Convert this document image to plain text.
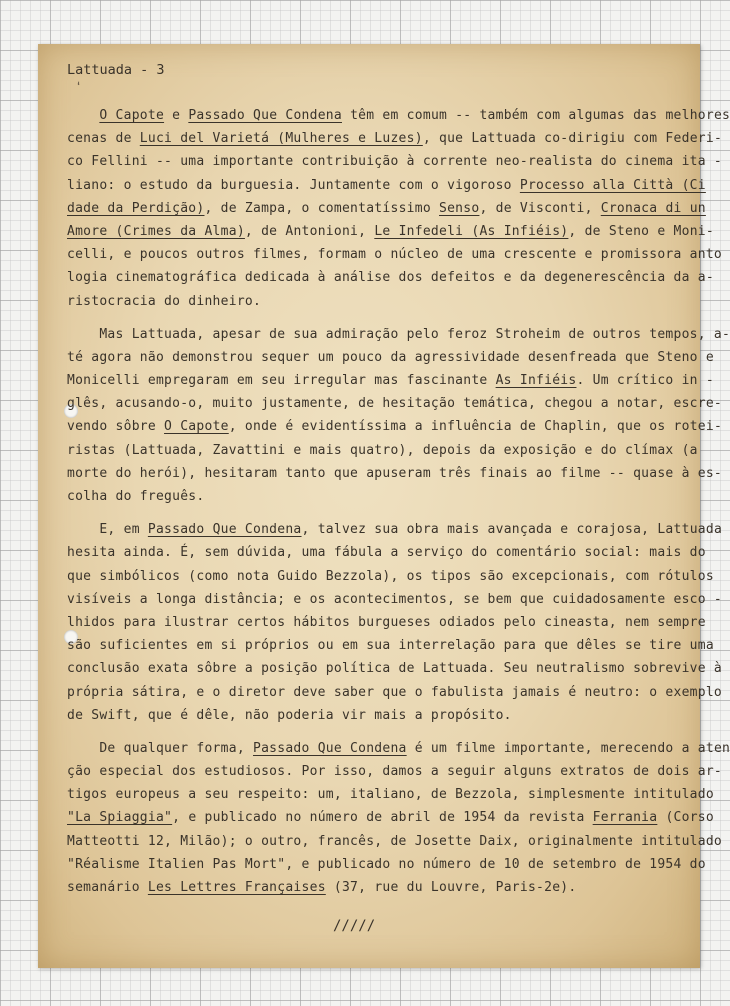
Lattuada - 3
‘
O Capote e Passado Que Condena têm em comum -- também com algumas das melhores
cenas de Luci del Varietá (Mulheres e Luzes), que Lattuada co-dirigiu com Federi-
co Fellini -- uma importante contribuição à corrente neo-realista do cinema ita -
liano: o estudo da burguesia. Juntamente com o vigoroso Processo alla Città (Ci
dade da Perdição), de Zampa, o comentatíssimo Senso, de Visconti, Cronaca di un
Amore (Crimes da Alma), de Antonioni, Le Infedeli (As Infiéis), de Steno e Moni-
celli, e poucos outros filmes, formam o núcleo de uma crescente e promissora anto
logia cinematográfica dedicada à análise dos defeitos e da degenerescência da a-
ristocracia do dinheiro.
Mas Lattuada, apesar de sua admiração pelo feroz Stroheim de outros tempos, a-
té agora não demonstrou sequer um pouco da agressividade desenfreada que Steno e
Monicelli empregaram em seu irregular mas fascinante As Infiéis. Um crítico in -
glês, acusando-o, muito justamente, de hesitação temática, chegou a notar, escre-
vendo sôbre O Capote, onde é evidentíssima a influência de Chaplin, que os rotei-
ristas (Lattuada, Zavattini e mais quatro), depois da exposição e do clímax (a
morte do herói), hesitaram tanto que apuseram três finais ao filme -- quase à es-
colha do freguês.
E, em Passado Que Condena, talvez sua obra mais avançada e corajosa, Lattuada
hesita ainda. É, sem dúvida, uma fábula a serviço do comentário social: mais do
que simbólicos (como nota Guido Bezzola), os tipos são excepcionais, com rótulos
visíveis a longa distância; e os acontecimentos, se bem que cuidadosamente esco -
lhidos para ilustrar certos hábitos burgueses odiados pelo cineasta, nem sempre
são suficientes em si próprios ou em sua interrelação para que dêles se tire uma
conclusão exata sôbre a posição política de Lattuada. Seu neutralismo sobrevive à
própria sátira, e o diretor deve saber que o fabulista jamais é neutro: o exemplo
de Swift, que é dêle, não poderia vir mais a propósito.
De qualquer forma, Passado Que Condena é um filme importante, merecendo a aten
ção especial dos estudiosos. Por isso, damos a seguir alguns extratos de dois ar-
tigos europeus a seu respeito: um, italiano, de Bezzola, simplesmente intitulado
"La Spiaggia", e publicado no número de abril de 1954 da revista Ferrania (Corso
Matteotti 12, Milão); o outro, francês, de Josette Daix, originalmente intitulado
"Réalisme Italien Pas Mort", e publicado no número de 10 de setembro de 1954 do
semanário Les Lettres Françaises (37, rue du Louvre, Paris-2e).
/////
